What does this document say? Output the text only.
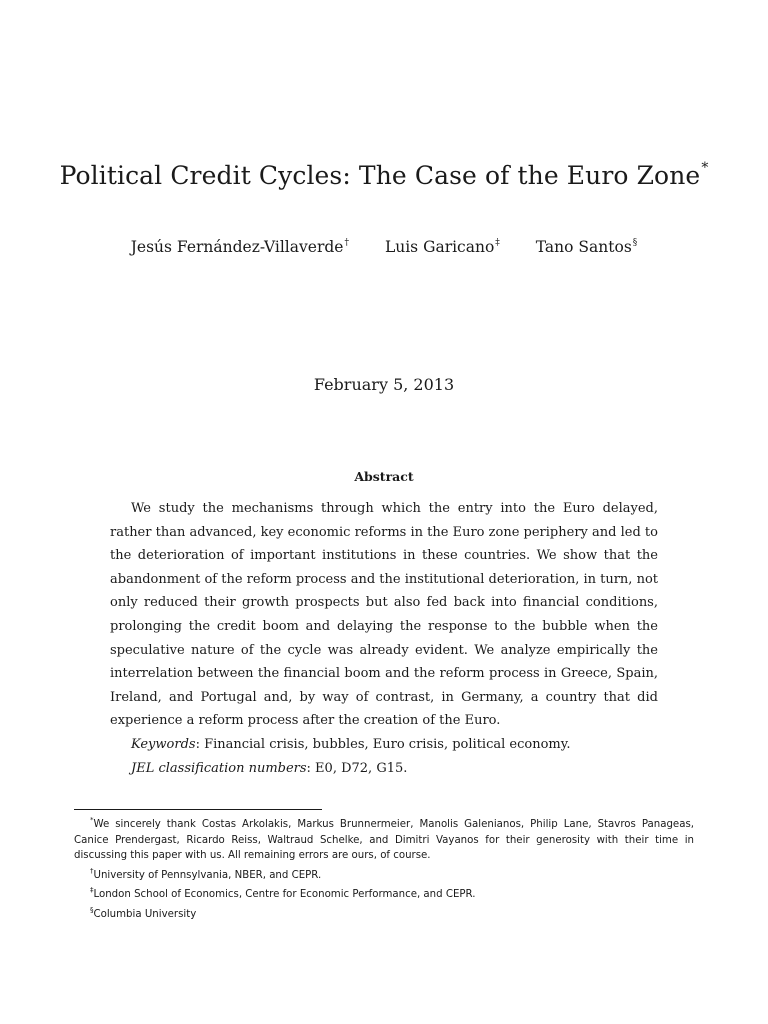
Political Credit Cycles: The Case of the Euro Zone*
Jesús Fernández-Villaverde† Luis Garicano‡ Tano Santos§
February 5, 2013
Abstract

We study the mechanisms through which the entry into the Euro delayed, rather than advanced, key economic reforms in the Euro zone periphery and led to the deterioration of important institutions in these countries. We show that the abandonment of the reform process and the institutional deterioration, in turn, not only reduced their growth prospects but also fed back into financial conditions, prolonging the credit boom and delaying the response to the bubble when the speculative nature of the cycle was already evident. We analyze empirically the interrelation between the financial boom and the reform process in Greece, Spain, Ireland, and Portugal and, by way of contrast, in Germany, a country that did experience a reform process after the creation of the Euro.

Keywords: Financial crisis, bubbles, Euro crisis, political economy.

JEL classification numbers: E0, D72, G15.

*We sincerely thank Costas Arkolakis, Markus Brunnermeier, Manolis Galenianos, Philip Lane, Stavros Panageas, Canice Prendergast, Ricardo Reiss, Waltraud Schelke, and Dimitri Vayanos for their generosity with their time in discussing this paper with us. All remaining errors are ours, of course.

†University of Pennsylvania, NBER, and CEPR.

‡London School of Economics, Centre for Economic Performance, and CEPR.

§Columbia University
